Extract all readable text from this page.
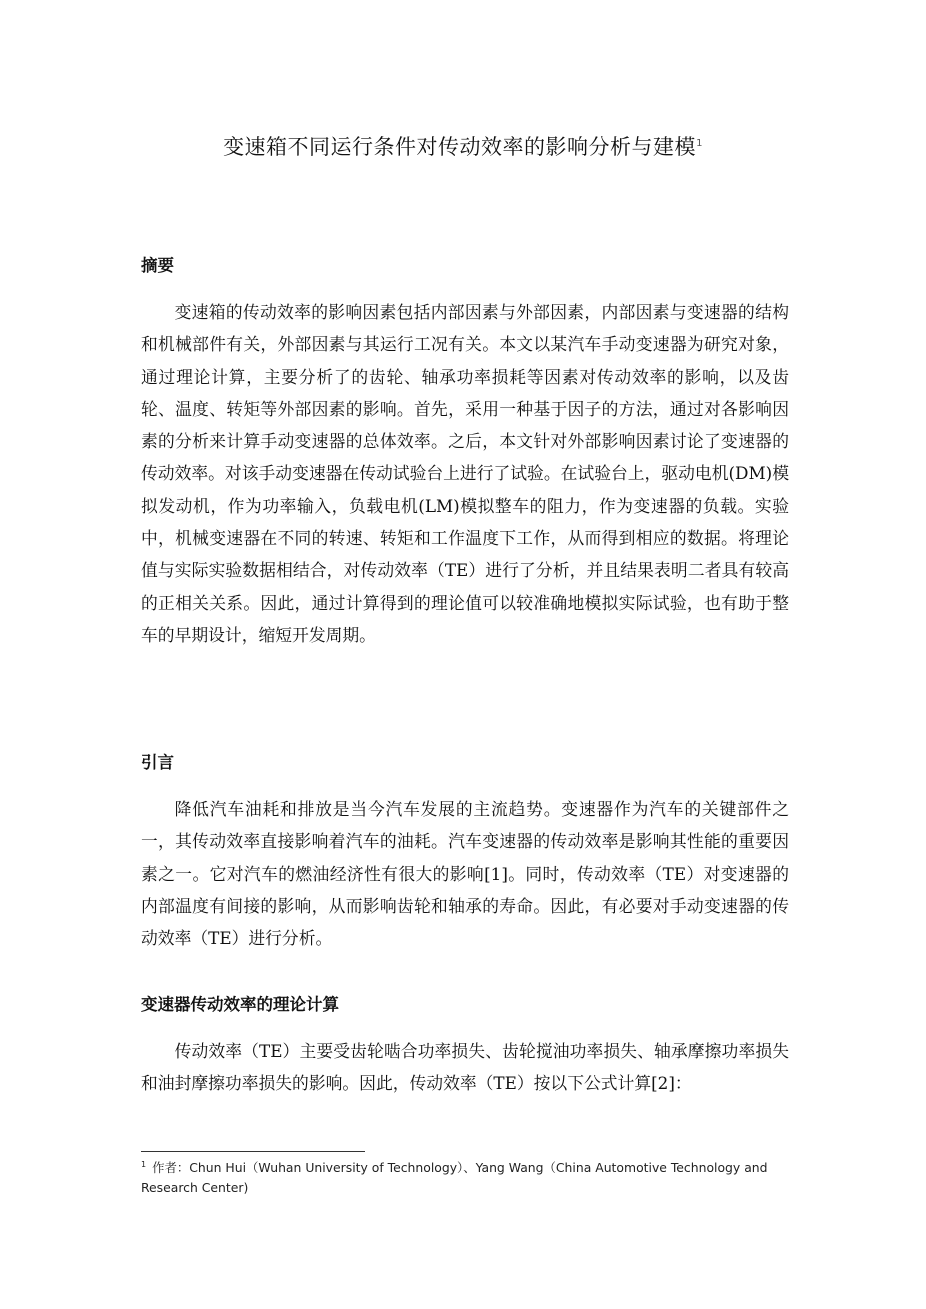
变速箱不同运行条件对传动效率的影响分析与建模$^1$
摘要

变速箱的传动效率的影响因素包括内部因素与外部因素，内部因素与变速器的结构和机械部件有关，外部因素与其运行工况有关。本文以某汽车手动变速器为研究对象，通过理论计算，主要分析了的齿轮、轴承功率损耗等因素对传动效率的影响，以及齿轮、温度、转矩等外部因素的影响。首先，采用一种基于因子的方法，通过对各影响因素的分析来计算手动变速器的总体效率。之后，本文针对外部影响因素讨论了变速器的传动效率。对该手动变速器在传动试验台上进行了试验。在试验台上，驱动电机(DM)模拟发动机，作为功率输入，负载电机(LM)模拟整车的阻力，作为变速器的负载。实验中，机械变速器在不同的转速、转矩和工作温度下工作，从而得到相应的数据。将理论值与实际实验数据相结合，对传动效率（TE）进行了分析，并且结果表明二者具有较高的正相关关系。因此，通过计算得到的理论值可以较准确地模拟实际试验，也有助于整车的早期设计，缩短开发周期。

引言

降低汽车油耗和排放是当今汽车发展的主流趋势。变速器作为汽车的关键部件之一，其传动效率直接影响着汽车的油耗。汽车变速器的传动效率是影响其性能的重要因素之一。它对汽车的燃油经济性有很大的影响[1]。同时，传动效率（TE）对变速器的内部温度有间接的影响，从而影响齿轮和轴承的寿命。因此，有必要对手动变速器的传动效率（TE）进行分析。

变速器传动效率的理论计算

传动效率（TE）主要受齿轮啮合功率损失、齿轮搅油功率损失、轴承摩擦功率损失和油封摩擦功率损失的影响。因此，传动效率（TE）按以下公式计算[2]：

$^1$ 作者：Chun Hui（Wuhan University of Technology）、Yang Wang（China Automotive Technology and Research Center)
